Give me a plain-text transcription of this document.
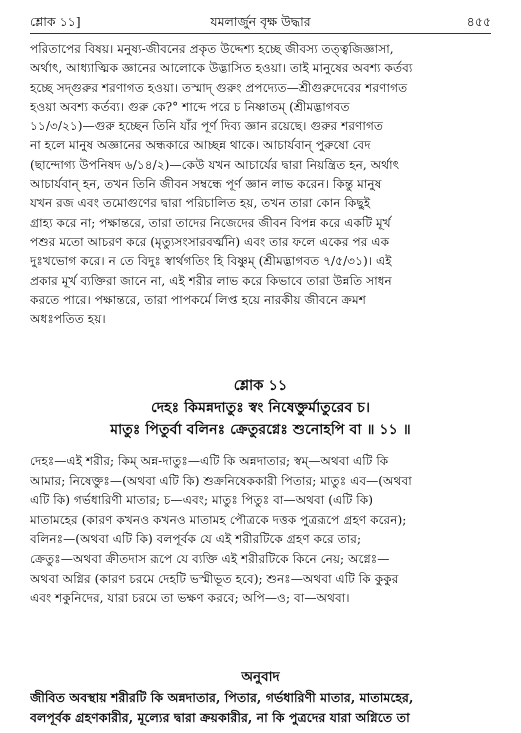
শ্লোক ১১]	যমলার্জুন বৃক্ষ উদ্ধার	৪৫৫
পরিতাপের বিষয়। মনুষ্য-জীবনের প্রকৃত উদ্দেশ্য হচ্ছে জীবস্য তত্ত্বজিজ্ঞাসা,
অর্থাৎ, আধ্যাত্মিক জ্ঞানের আলোকে উদ্ভাসিত হওয়া। তাই মানুষের অবশ্য কর্তব্য
হচ্ছে সদ্গুরুর শরণাগত হওয়া। তস্মাদ্ গুরুং প্রপদ্যেত—শ্রীগুরুদেবের শরণাগত
হওয়া অবশ্য কর্তব্য। গুরু কে?° শাব্দে পরে চ নিষ্ণাতম্ (শ্রীমদ্ভাগবত
১১/৩/২১)—গুরু হচ্ছেন তিনি যাঁর পূর্ণ দিব্য জ্ঞান রয়েছে। গুরুর শরণাগত
না হলে মানুষ অজ্ঞানের অন্ধকারে আচ্ছন্ন থাকে। আচার্যবান্ পুরুষো বেদ
(ছান্দোগ্য উপনিষদ ৬/১৪/২)—কেউ যখন আচার্যের দ্বারা নিয়ন্ত্রিত হন, অর্থাৎ
আচার্যবান্ হন, তখন তিনি জীবন সম্বন্ধে পূর্ণ জ্ঞান লাভ করেন। কিন্তু মানুষ
যখন রজ এবং তমোগুণের দ্বারা পরিচালিত হয়, তখন তারা কোন কিছুই
গ্রাহ্য করে না; পক্ষান্তরে, তারা তাদের নিজেদের জীবন বিপন্ন করে একটি মূর্খ
পশুর মতো আচরণ করে (মৃত্যুসংসারবর্ত্মনি) এবং তার ফলে একের পর এক
দুঃখভোগ করে। ন তে বিদুঃ স্বার্থগতিং হি বিষ্ণুম্ (শ্রীমদ্ভাগবত ৭/৫/৩১)। এই
প্রকার মূর্খ ব্যক্তিরা জানে না, এই শরীর লাভ করে কিভাবে তারা উন্নতি সাধন
করতে পারে। পক্ষান্তরে, তারা পাপকর্মে লিপ্ত হয়ে নারকীয় জীবনে ক্রমশ
অধঃপতিত হয়।
শ্লোক ১১
দেহঃ কিমন্নদাতুঃ স্বং নিষেক্তুর্মাতুরেব চ।
মাতুঃ পিতুর্বা বলিনঃ ক্রেতুরগ্নেঃ শুনোহপি বা ॥ ১১ ॥
দেহঃ—এই শরীর; কিম্ অন্ন-দাতুঃ—এটি কি অন্নদাতার; স্বম্—অথবা এটি কি
আমার; নিষেক্তুঃ—(অথবা এটি কি) শুক্রনিষেককারী পিতার; মাতুঃ এব—(অথবা
এটি কি) গর্ভধারিণী মাতার; চ—এবং; মাতুঃ পিতুঃ বা—অথবা (এটি কি)
মাতামহের (কারণ কখনও কখনও মাতামহ পৌত্রকে দত্তক পুত্ররূপে গ্রহণ করেন);
বলিনঃ—(অথবা এটি কি) বলপূর্বক যে এই শরীরটিকে গ্রহণ করে তার;
ক্রেতুঃ—অথবা ক্রীতদাস রূপে যে ব্যক্তি এই শরীরটিকে কিনে নেয়; অগ্নেঃ—
অথবা অগ্নির (কারণ চরমে দেহটি ভস্মীভূত হবে); শুনঃ—অথবা এটি কি কুকুর
এবং শকুনিদের, যারা চরমে তা ভক্ষণ করবে; অপি—ও; বা—অথবা।
অনুবাদ
জীবিত অবস্থায় শরীরটি কি অন্নদাতার, পিতার, গর্ভধারিণী মাতার, মাতামহের,
বলপূর্বক গ্রহণকারীর, মূল্যের দ্বারা ক্রয়কারীর, না কি পুত্রদের যারা অগ্নিতে তা
